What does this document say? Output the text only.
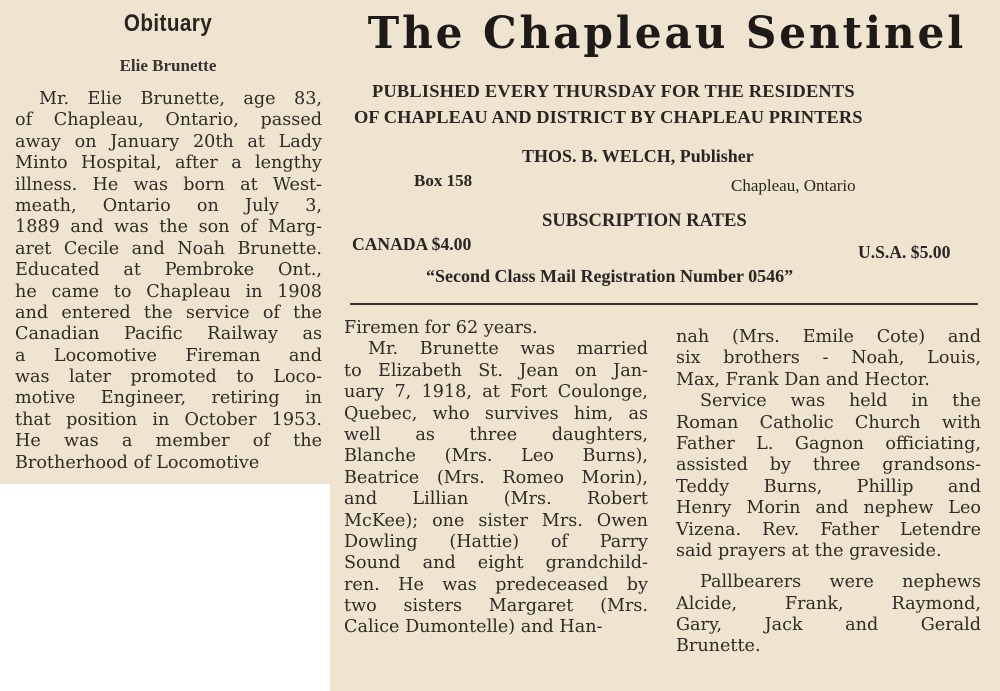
Obituary
Elie Brunette
Mr. Elie Brunette, age 83,
of Chapleau, Ontario, passed
away on January 20th at Lady
Minto Hospital, after a lengthy
illness. He was born at West-
meath, Ontario on July 3,
1889 and was the son of Marg-
aret Cecile and Noah Brunette.
Educated at Pembroke Ont.,
he came to Chapleau in 1908
and entered the service of the
Canadian Pacific Railway as
a Locomotive Fireman and
was later promoted to Loco-
motive Engineer, retiring in
that position in October 1953.
He was a member of the
Brotherhood of Locomotive
The Chapleau Sentinel
PUBLISHED EVERY THURSDAY FOR THE RESIDENTS
OF CHAPLEAU AND DISTRICT BY CHAPLEAU PRINTERS
THOS. B. WELCH, Publisher
Box 158	Chapleau, Ontario
SUBSCRIPTION RATES
CANADA $4.00	U.S.A. $5.00
“Second Class Mail Registration Number 0546”
Firemen for 62 years.
Mr. Brunette was married
to Elizabeth St. Jean on Jan-
uary 7, 1918, at Fort Coulonge,
Quebec, who survives him, as
well as three daughters,
Blanche (Mrs. Leo Burns),
Beatrice (Mrs. Romeo Morin),
and Lillian (Mrs. Robert
McKee); one sister Mrs. Owen
Dowling (Hattie) of Parry
Sound and eight grandchild-
ren. He was predeceased by
two sisters Margaret (Mrs.
Calice Dumontelle) and Han-
nah (Mrs. Emile Cote) and
six brothers - Noah, Louis,
Max, Frank Dan and Hector.
Service was held in the
Roman Catholic Church with
Father L. Gagnon officiating,
assisted by three grandsons-
Teddy Burns, Phillip and
Henry Morin and nephew Leo
Vizena. Rev. Father Letendre
said prayers at the graveside.
Pallbearers were nephews
Alcide, Frank, Raymond,
Gary, Jack and Gerald
Brunette.
